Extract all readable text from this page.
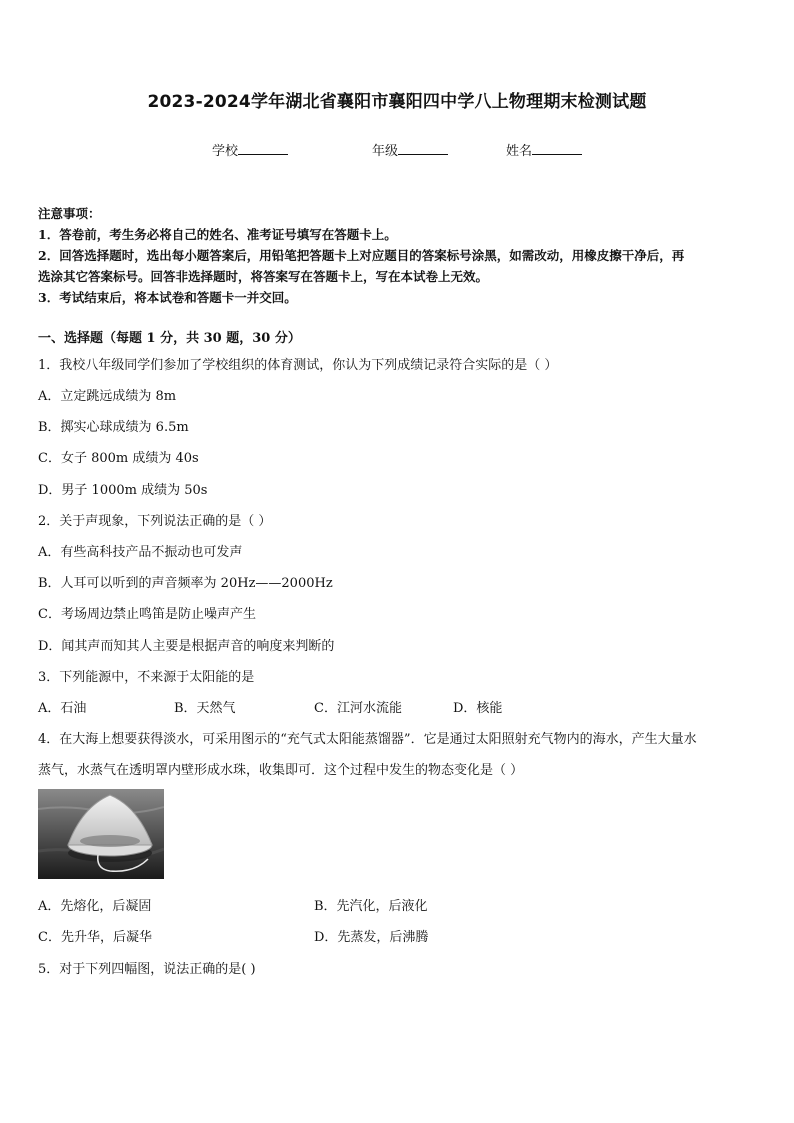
2023-2024学年湖北省襄阳市襄阳四中学八上物理期末检测试题
学校	年级	姓名
注意事项：
1．答卷前，考生务必将自己的姓名、准考证号填写在答题卡上。
2．回答选择题时，选出每小题答案后，用铅笔把答题卡上对应题目的答案标号涂黑，如需改动，用橡皮擦干净后，再
选涂其它答案标号。回答非选择题时，将答案写在答题卡上，写在本试卷上无效。
3．考试结束后，将本试卷和答题卡一并交回。
一、选择题（每题 1 分，共 30 题，30 分）
1．我校八年级同学们参加了学校组织的体育测试，你认为下列成绩记录符合实际的是（ ）
A．立定跳远成绩为 8m
B．掷实心球成绩为 6.5m
C．女子 800m 成绩为 40s
D．男子 1000m 成绩为 50s
2．关于声现象，下列说法正确的是（ ）
A．有些高科技产品不振动也可发声
B．人耳可以听到的声音频率为 20Hz——2000Hz
C．考场周边禁止鸣笛是防止噪声产生
D．闻其声而知其人主要是根据声音的响度来判断的
3．下列能源中，不来源于太阳能的是
A．石油	B．天然气	C．江河水流能	D．核能
4．在大海上想要获得淡水，可采用图示的“充气式太阳能蒸馏器”．它是通过太阳照射充气物内的海水，产生大量水
蒸气，水蒸气在透明罩内壁形成水珠，收集即可．这个过程中发生的物态变化是（ ）
A．先熔化，后凝固	B．先汽化，后液化
C．先升华，后凝华	D．先蒸发，后沸腾
5．对于下列四幅图，说法正确的是( )
